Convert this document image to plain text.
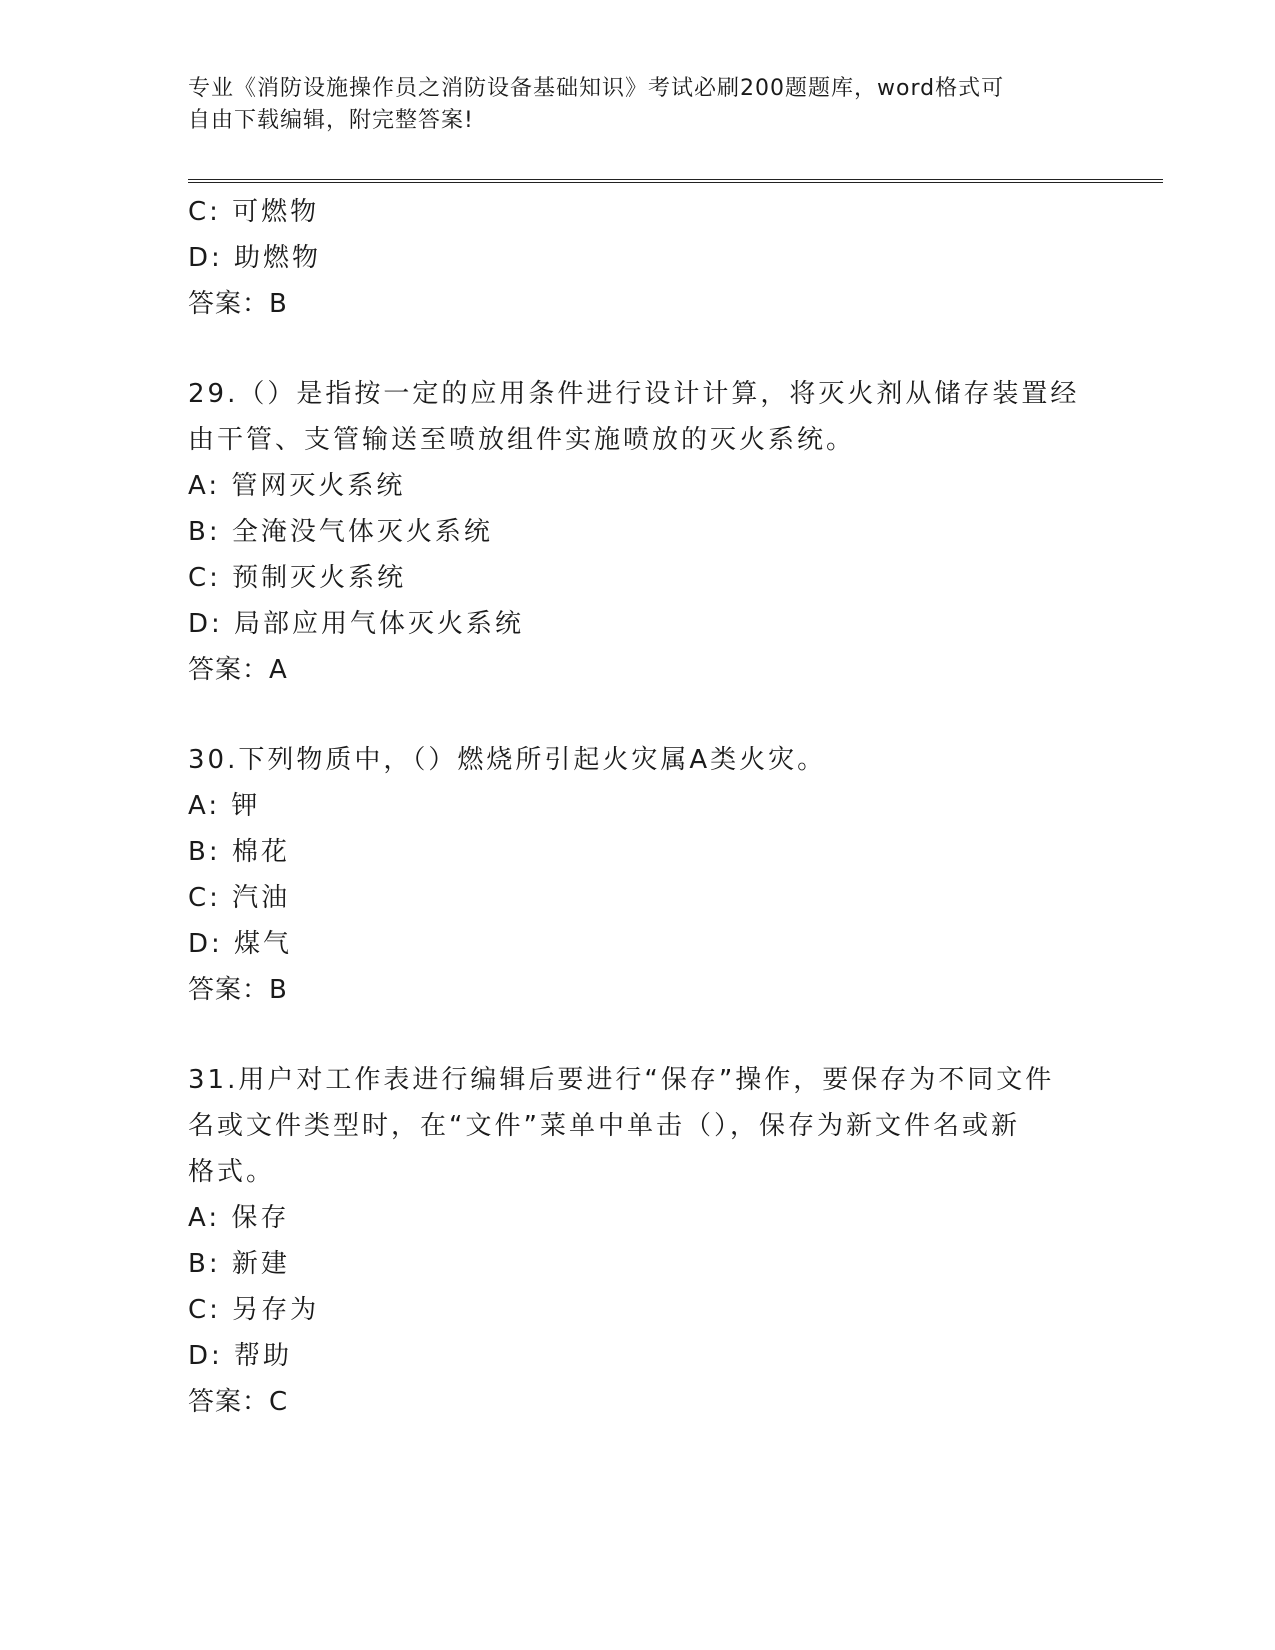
专业《消防设施操作员之消防设备基础知识》考试必刷200题题库，word格式可
自由下载编辑，附完整答案!
C: 可燃物
D: 助燃物
答案：B
29.（）是指按一定的应用条件进行设计计算，将灭火剂从储存装置经
由干管、支管输送至喷放组件实施喷放的灭火系统。
A: 管网灭火系统
B: 全淹没气体灭火系统
C: 预制灭火系统
D: 局部应用气体灭火系统
答案：A
30.下列物质中，（）燃烧所引起火灾属A类火灾。
A: 钾
B: 棉花
C: 汽油
D: 煤气
答案：B
31.用户对工作表进行编辑后要进行“保存”操作，要保存为不同文件
名或文件类型时，在“文件”菜单中单击（），保存为新文件名或新
格式。
A: 保存
B: 新建
C: 另存为
D: 帮助
答案：C
